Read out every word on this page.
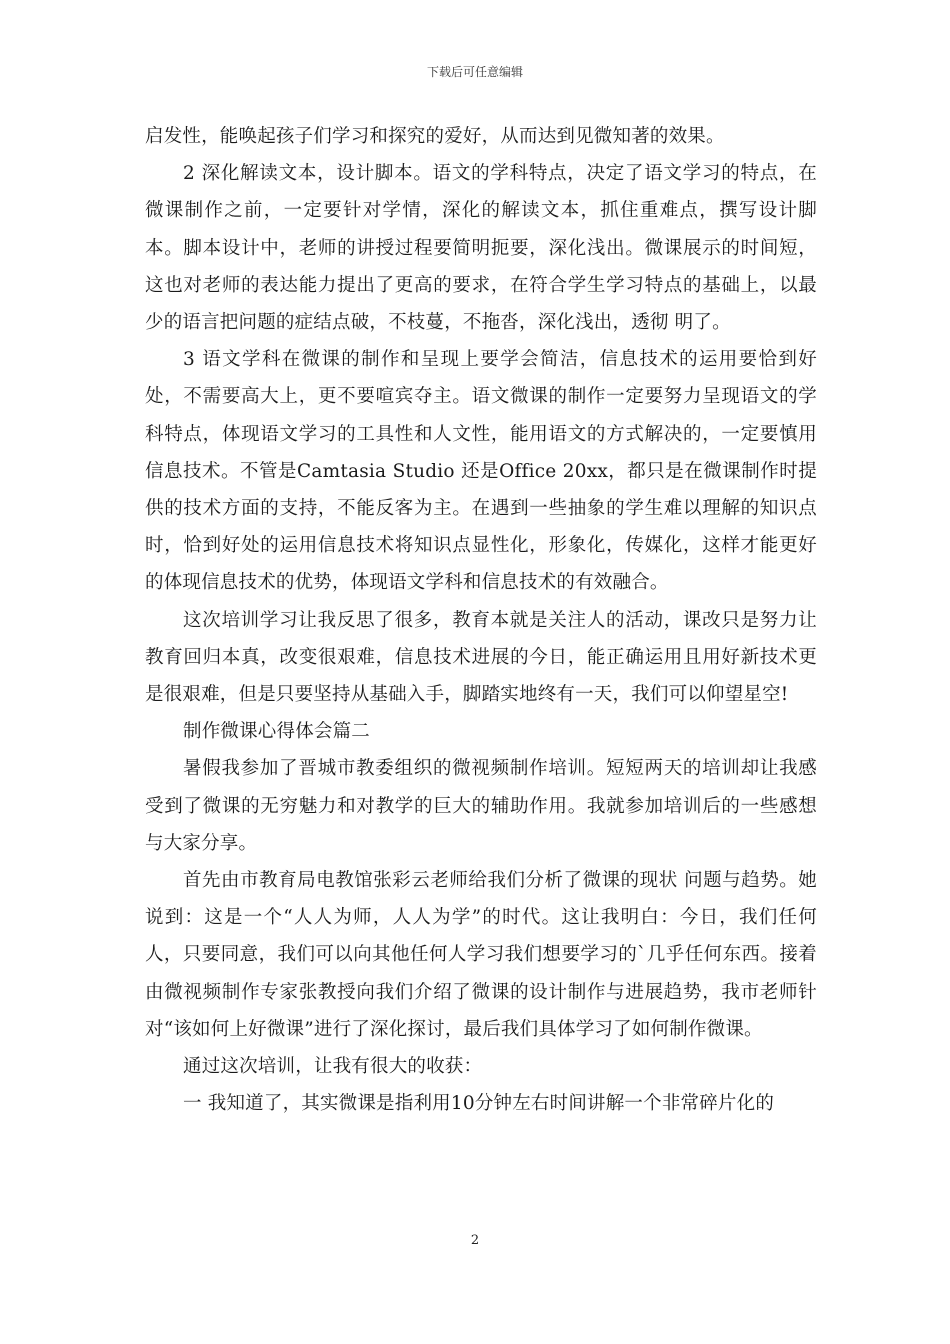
下载后可任意编辑

启发性，能唤起孩子们学习和探究的爱好，从而达到见微知著的效果。

2 深化解读文本，设计脚本。语文的学科特点，决定了语文学习的特点，在微课制作之前，一定要针对学情，深化的解读文本，抓住重难点，撰写设计脚本。脚本设计中，老师的讲授过程要简明扼要，深化浅出。微课展示的时间短，这也对老师的表达能力提出了更高的要求，在符合学生学习特点的基础上，以最少的语言把问题的症结点破，不枝蔓，不拖沓，深化浅出，透彻 明了。

3 语文学科在微课的制作和呈现上要学会简洁，信息技术的运用要恰到好处，不需要高大上，更不要喧宾夺主。语文微课的制作一定要努力呈现语文的学科特点，体现语文学习的工具性和人文性，能用语文的方式解决的，一定要慎用信息技术。不管是Camtasia Studio 还是Office 20xx，都只是在微课制作时提供的技术方面的支持，不能反客为主。在遇到一些抽象的学生难以理解的知识点时，恰到好处的运用信息技术将知识点显性化，形象化，传媒化，这样才能更好的体现信息技术的优势，体现语文学科和信息技术的有效融合。

这次培训学习让我反思了很多，教育本就是关注人的活动，课改只是努力让教育回归本真，改变很艰难，信息技术进展的今日，能正确运用且用好新技术更是很艰难，但是只要坚持从基础入手，脚踏实地终有一天，我们可以仰望星空!

制作微课心得体会篇二

暑假我参加了晋城市教委组织的微视频制作培训。短短两天的培训却让我感受到了微课的无穷魅力和对教学的巨大的辅助作用。我就参加培训后的一些感想与大家分享。

首先由市教育局电教馆张彩云老师给我们分析了微课的现状 问题与趋势。她说到：这是一个“人人为师，人人为学”的时代。这让我明白：今日，我们任何人，只要同意，我们可以向其他任何人学习我们想要学习的`几乎任何东西。接着由微视频制作专家张教授向我们介绍了微课的设计制作与进展趋势，我市老师针对“该如何上好微课”进行了深化探讨，最后我们具体学习了如何制作微课。

通过这次培训，让我有很大的收获：

一 我知道了，其实微课是指利用10分钟左右时间讲解一个非常碎片化的

2
